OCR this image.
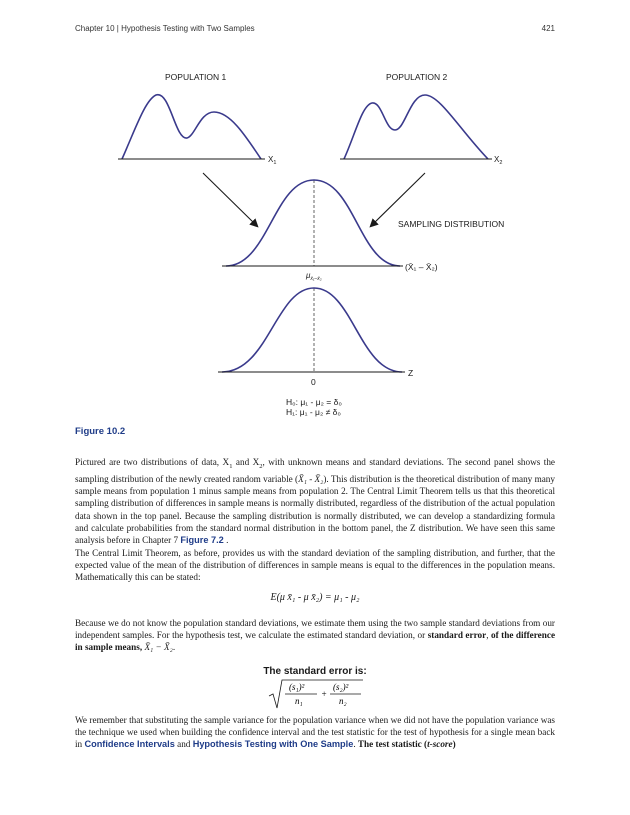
Chapter 10 | Hypothesis Testing with Two Samples	421
POPULATION 1
$X_1$
POPULATION 2
$X_2$
SAMPLING DISTRIBUTION
(X̄₁ – X̄₂)
$\mu_{x̄_1-x̄_2}$
Z
0
H₀: μ₁ - μ₂ = δ₀
H₁: μ₁ - μ₂ ≠ δ₀
Figure 10.2

Pictured are two distributions of data, $X_1$ and $X_2$, with unknown means and standard deviations. The second panel shows the sampling distribution of the newly created random variable (X̄₁ - X̄₂). This distribution is the theoretical distribution of many many sample means from population 1 minus sample means from population 2. The Central Limit Theorem tells us that this theoretical sampling distribution of differences in sample means is normally distributed, regardless of the distribution of the actual population data shown in the top panel. Because the sampling distribution is normally distributed, we can develop a standardizing formula and calculate probabilities from the standard normal distribution in the bottom panel, the Z distribution. We have seen this same analysis before in Chapter 7 Figure 7.2 .

The Central Limit Theorem, as before, provides us with the standard deviation of the sampling distribution, and further, that the expected value of the mean of the distribution of differences in sample means is equal to the differences in the population means. Mathematically this can be stated:

E(μ x̄₁ - μ x̄₂) = μ₁ - μ₂

Because we do not know the population standard deviations, we estimate them using the two sample standard deviations from our independent samples. For the hypothesis test, we calculate the estimated standard deviation, or standard error, of the difference in sample means, X̄₁ − X̄₂.

The standard error is:
(s₁)²
n₁
+
(s₂)²
n₂

We remember that substituting the sample variance for the population variance when we did not have the population variance was the technique we used when building the confidence interval and the test statistic for the test of hypothesis for a single mean back in Confidence Intervals and Hypothesis Testing with One Sample. The test statistic (t-score)
